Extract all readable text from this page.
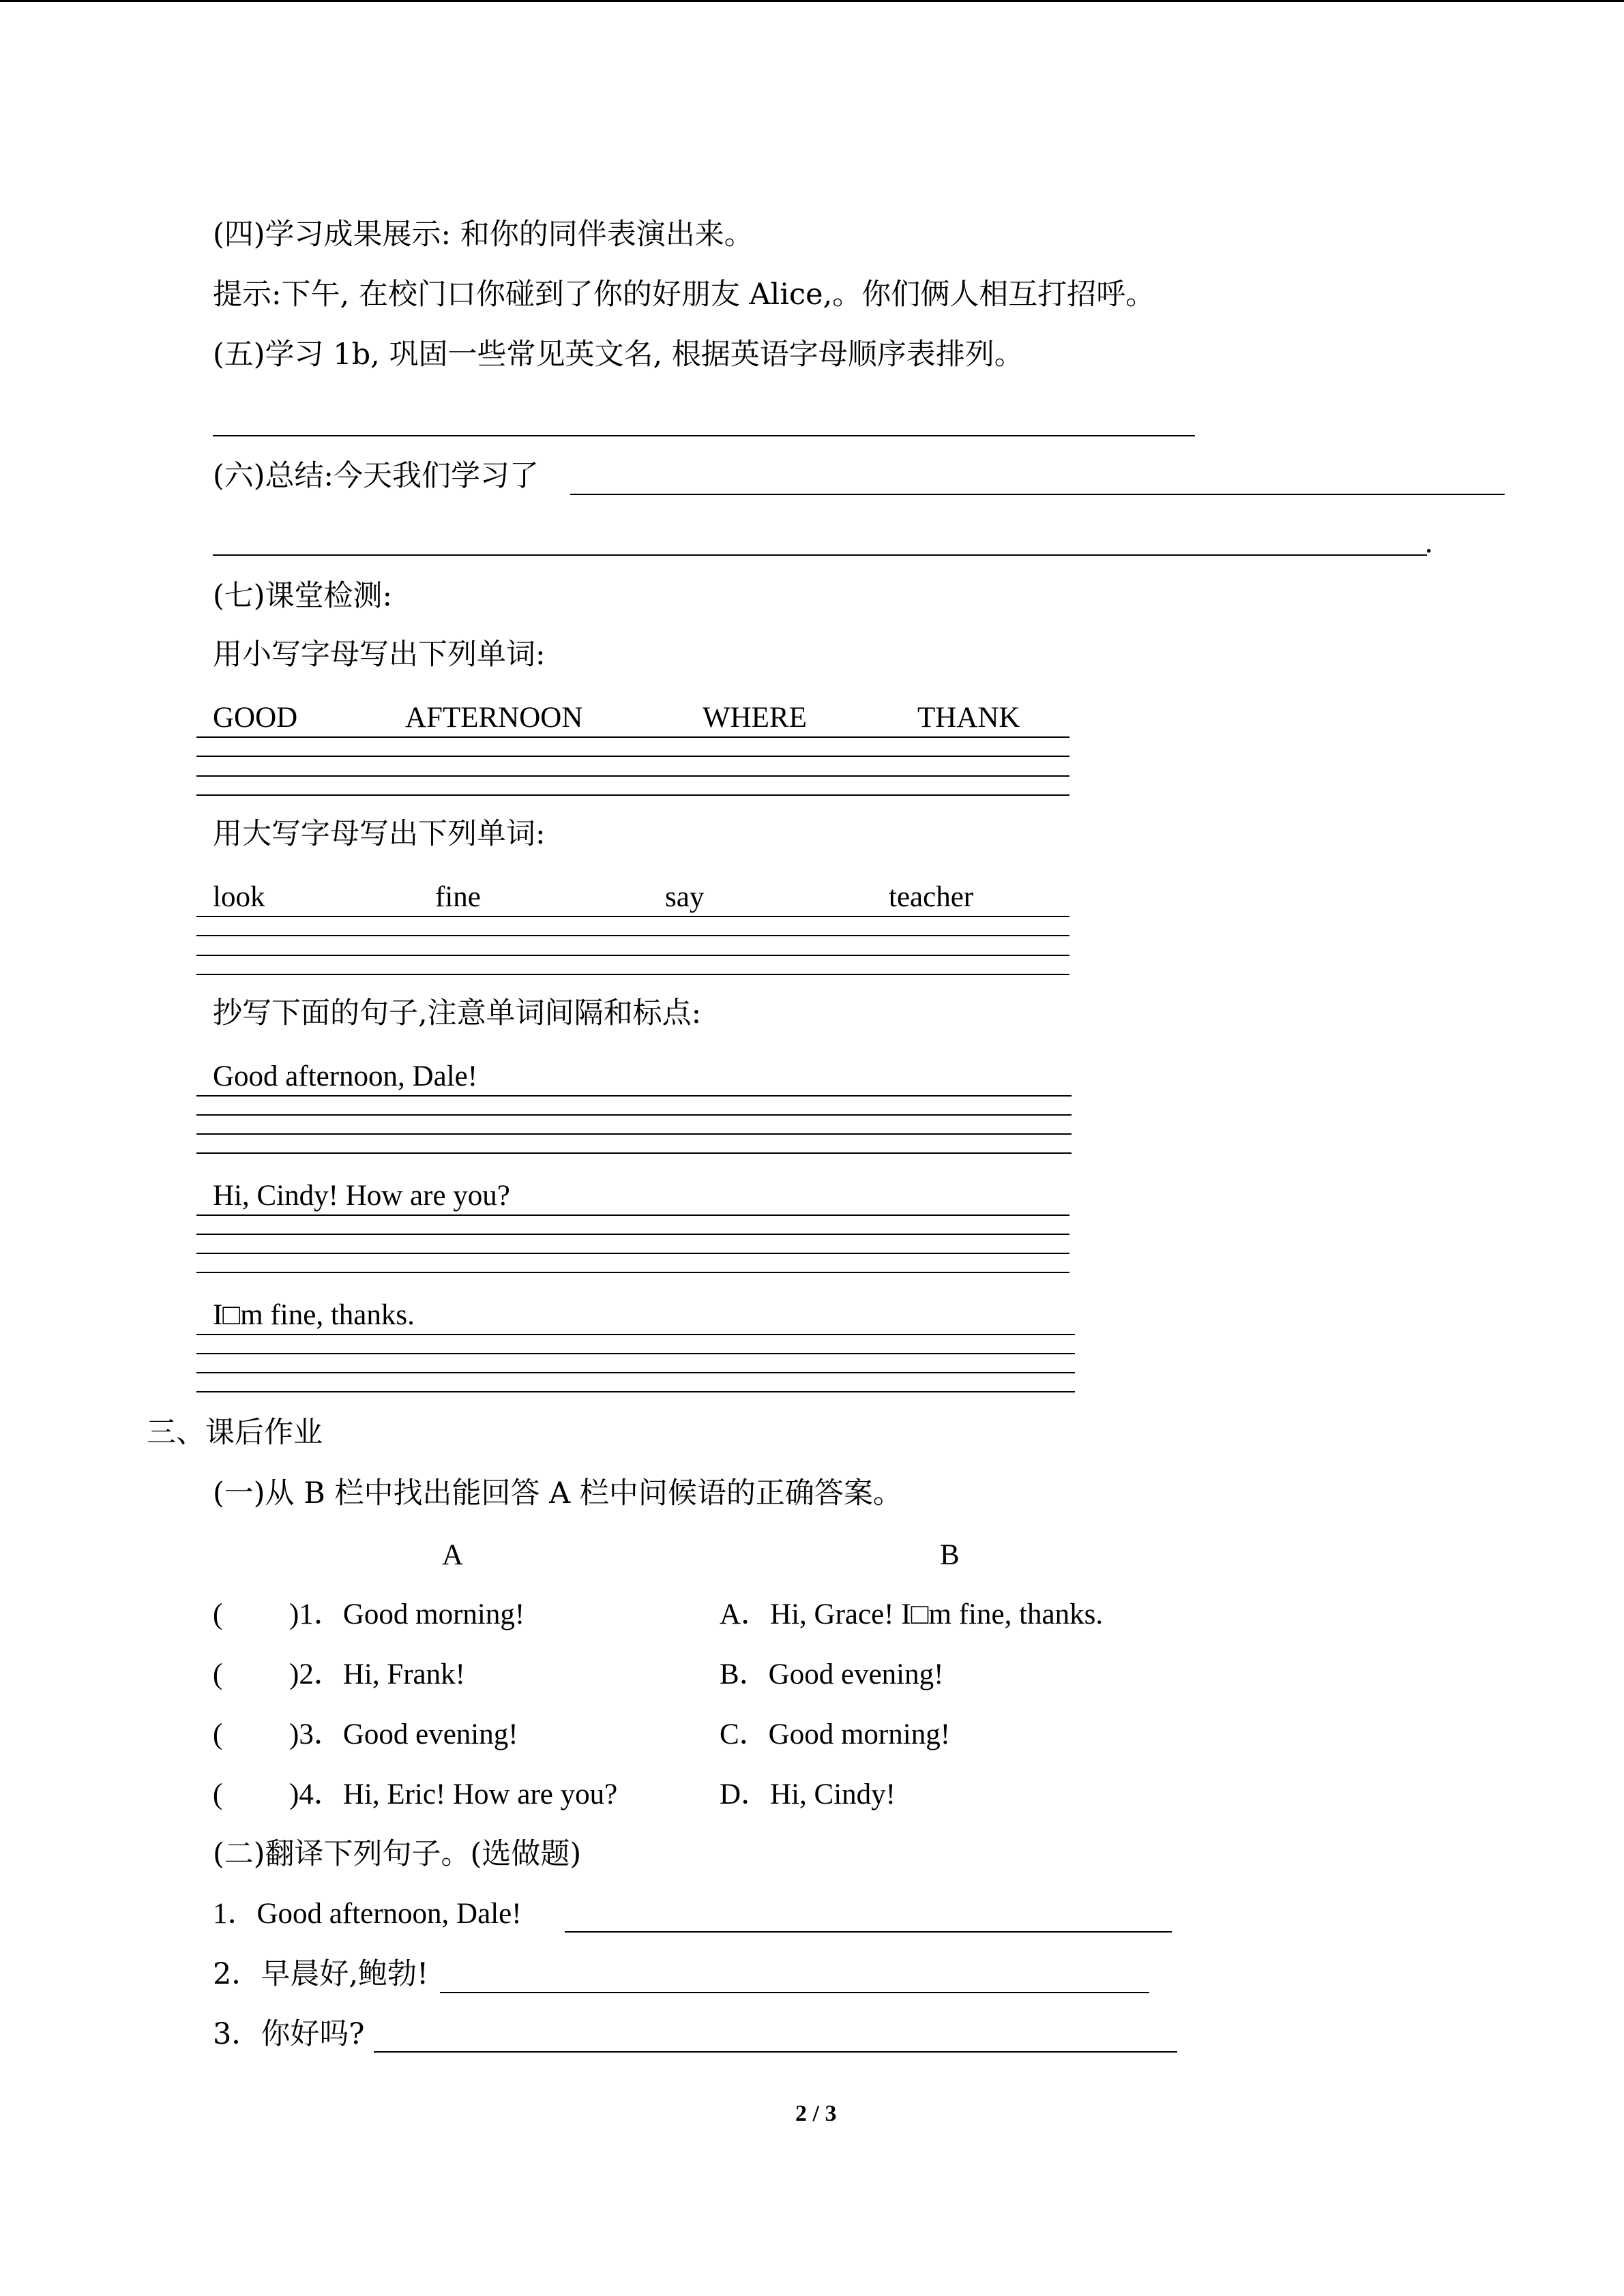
(四)学习成果展示: 和你的同伴表演出来。
提示:下午, 在校门口你碰到了你的好朋友 Alice,。你们俩人相互打招呼。
(五)学习 1b, 巩固一些常见英文名, 根据英语字母顺序表排列。
(六)总结:今天我们学习了
.
(七)课堂检测:
用小写字母写出下列单词:
GOOD	AFTERNOON	WHERE	THANK
用大写字母写出下列单词:
look	fine	say	teacher
抄写下面的句子,注意单词间隔和标点:
Good afternoon, Dale!
Hi, Cindy! How are you?
I□m fine, thanks.
三、课后作业
(一)从 B 栏中找出能回答 A 栏中问候语的正确答案。
A	B
( )1．Good morning!	A．Hi, Grace! I□m fine, thanks.
( )2．Hi, Frank!	B．Good evening!
( )3．Good evening!	C．Good morning!
( )4．Hi, Eric! How are you?	D．Hi, Cindy!
(二)翻译下列句子。(选做题)
1．Good afternoon, Dale!
2．早晨好,鲍勃!
3．你好吗?
2 / 3
